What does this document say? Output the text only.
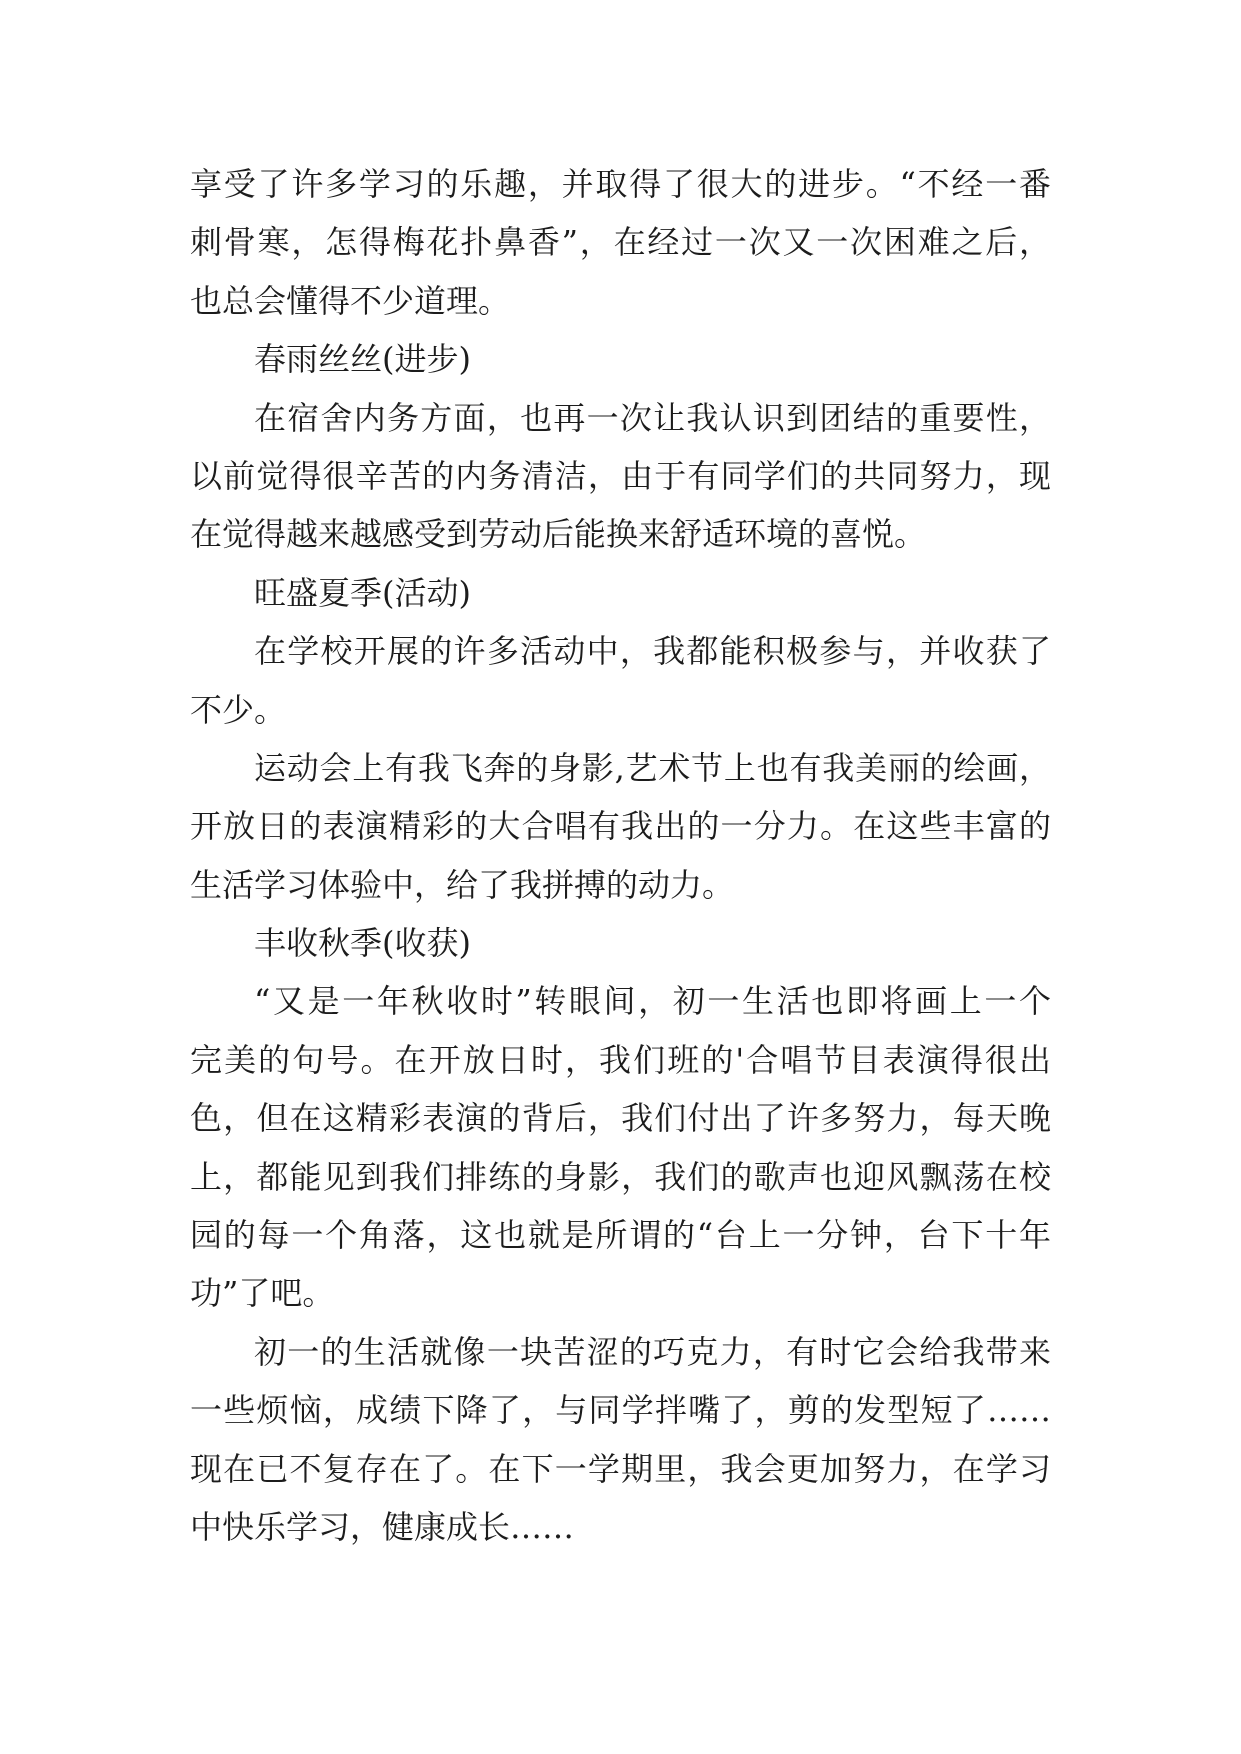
享受了许多学习的乐趣，并取得了很大的进步。“不经一番
刺骨寒，怎得梅花扑鼻香”，在经过一次又一次困难之后，
也总会懂得不少道理。
春雨丝丝(进步)
在宿舍内务方面，也再一次让我认识到团结的重要性，
以前觉得很辛苦的内务清洁，由于有同学们的共同努力，现
在觉得越来越感受到劳动后能换来舒适环境的喜悦。
旺盛夏季(活动)
在学校开展的许多活动中，我都能积极参与，并收获了
不少。
运动会上有我飞奔的身影,艺术节上也有我美丽的绘画，
开放日的表演精彩的大合唱有我出的一分力。在这些丰富的
生活学习体验中，给了我拼搏的动力。
丰收秋季(收获)
“又是一年秋收时”转眼间，初一生活也即将画上一个
完美的句号。在开放日时，我们班的'合唱节目表演得很出
色，但在这精彩表演的背后，我们付出了许多努力，每天晚
上，都能见到我们排练的身影，我们的歌声也迎风飘荡在校
园的每一个角落，这也就是所谓的“台上一分钟，台下十年
功”了吧。
初一的生活就像一块苦涩的巧克力，有时它会给我带来
一些烦恼，成绩下降了，与同学拌嘴了，剪的发型短了……
现在已不复存在了。在下一学期里，我会更加努力，在学习
中快乐学习，健康成长……
